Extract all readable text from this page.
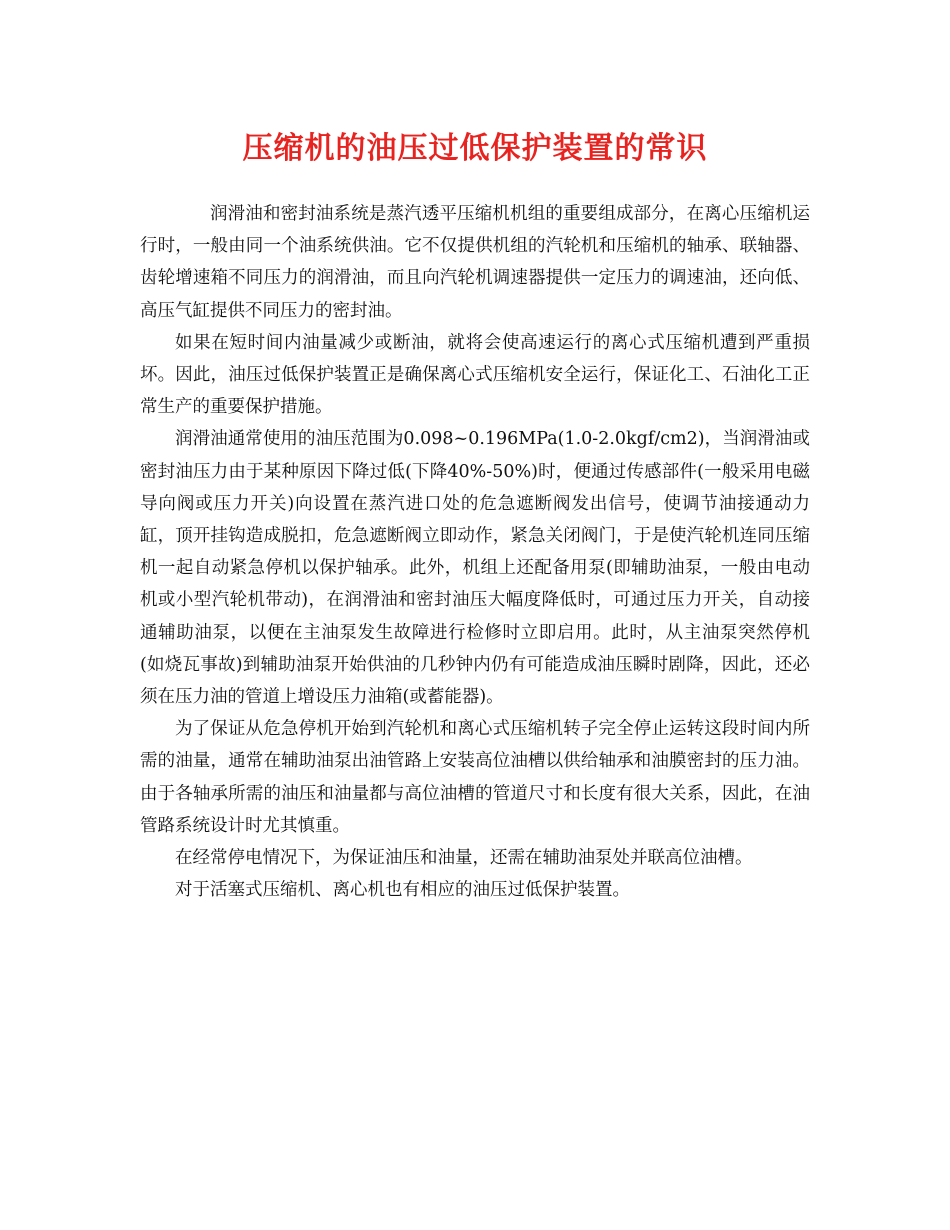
压缩机的油压过低保护装置的常识

润滑油和密封油系统是蒸汽透平压缩机机组的重要组成部分，在离心压缩机运行时，一般由同一个油系统供油。它不仅提供机组的汽轮机和压缩机的轴承、联轴器、齿轮增速箱不同压力的润滑油，而且向汽轮机调速器提供一定压力的调速油，还向低、高压气缸提供不同压力的密封油。

如果在短时间内油量减少或断油，就将会使高速运行的离心式压缩机遭到严重损坏。因此，油压过低保护装置正是确保离心式压缩机安全运行，保证化工、石油化工正常生产的重要保护措施。

润滑油通常使用的油压范围为0.098~0.196MPa(1.0-2.0kgf/cm2)，当润滑油或密封油压力由于某种原因下降过低(下降40%-50%)时，便通过传感部件(一般采用电磁导向阀或压力开关)向设置在蒸汽进口处的危急遮断阀发出信号，使调节油接通动力缸，顶开挂钩造成脱扣，危急遮断阀立即动作，紧急关闭阀门，于是使汽轮机连同压缩机一起自动紧急停机以保护轴承。此外，机组上还配备用泵(即辅助油泵，一般由电动机或小型汽轮机带动)，在润滑油和密封油压大幅度降低时，可通过压力开关，自动接通辅助油泵，以便在主油泵发生故障进行检修时立即启用。此时，从主油泵突然停机(如烧瓦事故)到辅助油泵开始供油的几秒钟内仍有可能造成油压瞬时剧降，因此，还必须在压力油的管道上增设压力油箱(或蓄能器)。

为了保证从危急停机开始到汽轮机和离心式压缩机转子完全停止运转这段时间内所需的油量，通常在辅助油泵出油管路上安装高位油槽以供给轴承和油膜密封的压力油。由于各轴承所需的油压和油量都与高位油槽的管道尺寸和长度有很大关系，因此，在油管路系统设计时尤其慎重。

在经常停电情况下，为保证油压和油量，还需在辅助油泵处并联高位油槽。

对于活塞式压缩机、离心机也有相应的油压过低保护装置。
